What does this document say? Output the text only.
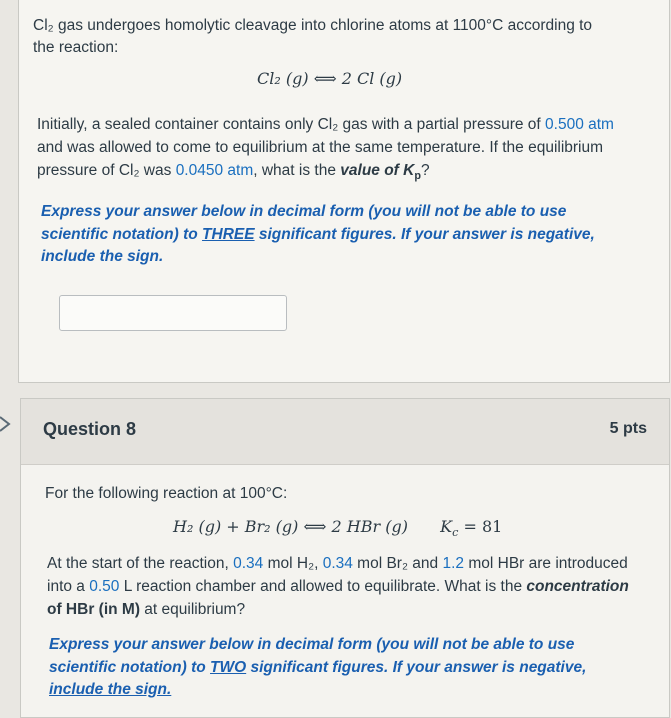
Cl₂ gas undergoes homolytic cleavage into chlorine atoms at 1100°C according to
the reaction:
Cl₂ (g) ⟺ 2 Cl (g)
Initially, a sealed container contains only Cl₂ gas with a partial pressure of 0.500 atm
and was allowed to come to equilibrium at the same temperature. If the equilibrium
pressure of Cl₂ was 0.0450 atm, what is the value of $K_p$?
Express your answer below in decimal form (you will not be able to use
scientific notation) to THREE significant figures. If your answer is negative,
include the sign.
Question 8	5 pts
For the following reaction at 100°C:
H₂ (g) + Br₂ (g) ⟺ 2 HBr (g) $K_c = 81$
At the start of the reaction, 0.34 mol H₂, 0.34 mol Br₂ and 1.2 mol HBr are introduced
into a 0.50 L reaction chamber and allowed to equilibrate. What is the concentration
of HBr (in M) at equilibrium?
Express your answer below in decimal form (you will not be able to use
scientific notation) to TWO significant figures. If your answer is negative,
include the sign.
